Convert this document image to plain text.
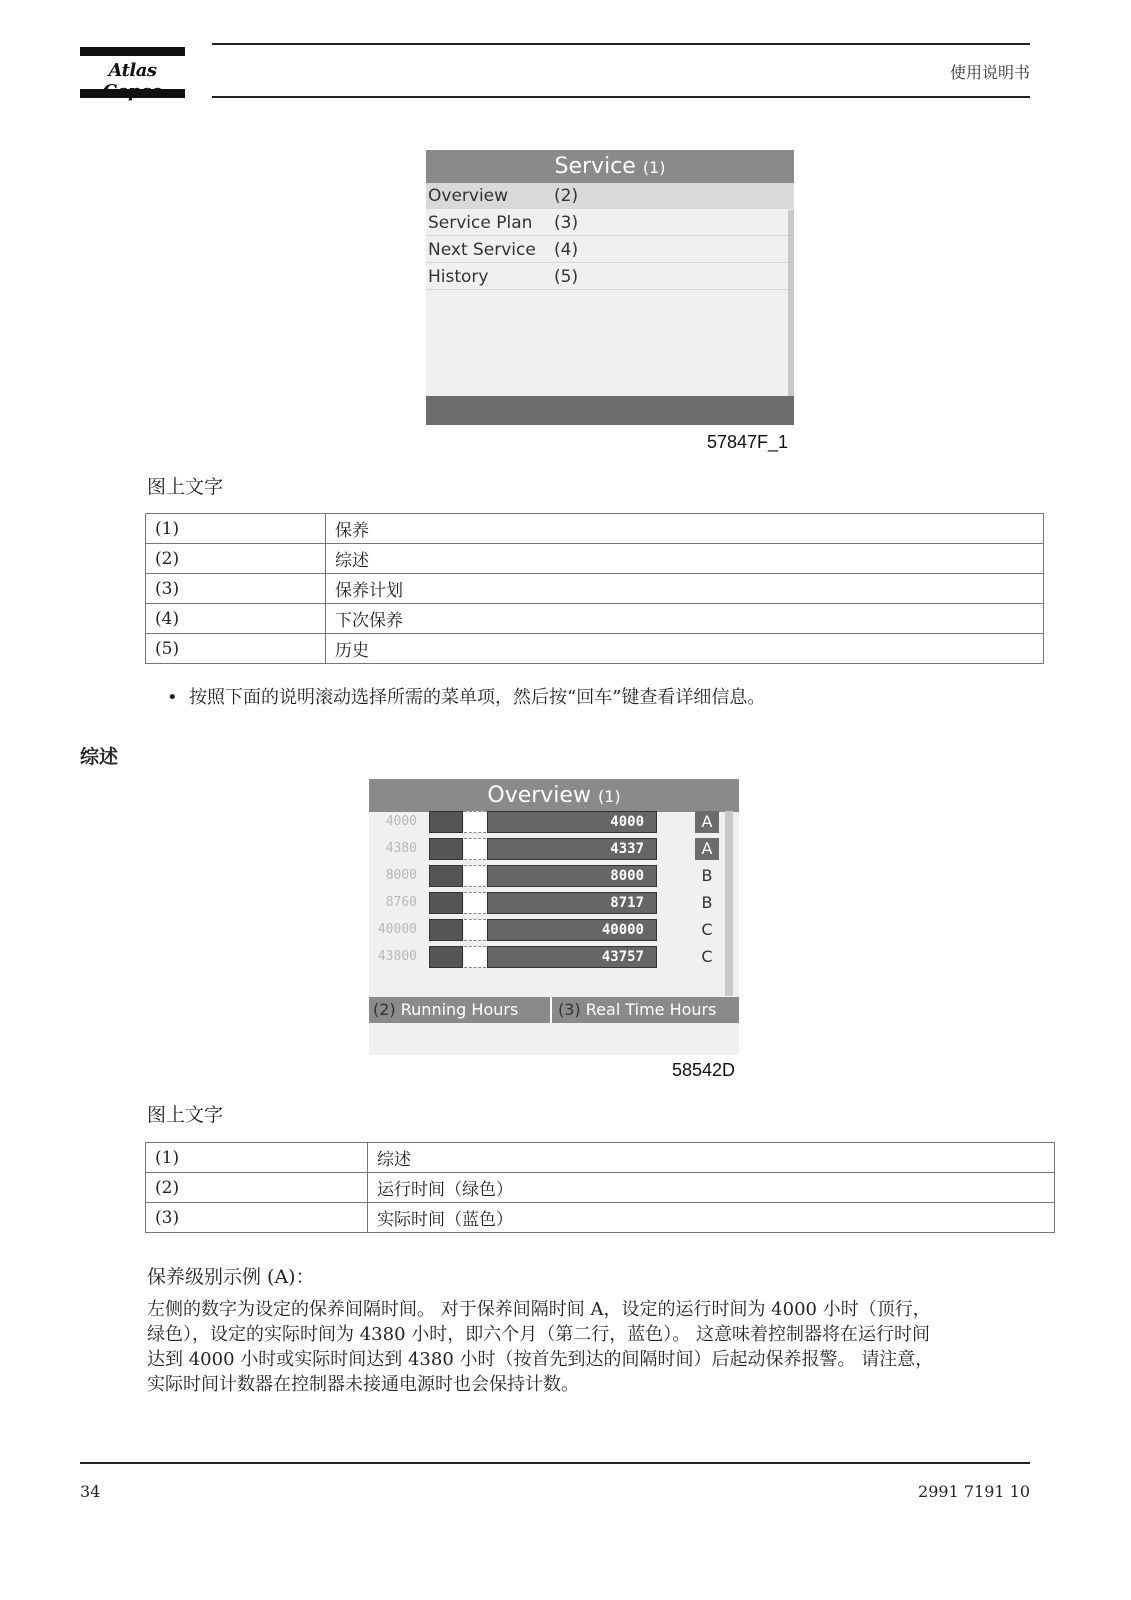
Atlas	使用说明书
Service (1)
Overview	(2)
Service Plan (3)
Next Service (4)
History	(5)
57847F_1
图上文字
(1)	保养
(2)	综述
(3)	保养计划
(4)	下次保养
(5)	历史
• 按照下面的说明滚动选择所需的菜单项，然后按“回车”键查看详细信息。
综述
Overview (1)
4000	4000	A
4380	4337	A
8000	8000	B
8760	8717	B
40000	40000	C
43800	43757	C
(2) Running Hours	(3) Real Time Hours
58542D
图上文字
(1)	综述
(2)	运行时间（绿色）
(3)	实际时间（蓝色）
保养级别示例 (A)：
左侧的数字为设定的保养间隔时间。 对于保养间隔时间 A，设定的运行时间为 4000 小时（顶行，
绿色），设定的实际时间为 4380 小时，即六个月（第二行，蓝色）。 这意味着控制器将在运行时间
达到 4000 小时或实际时间达到 4380 小时（按首先到达的间隔时间）后起动保养报警。 请注意，
实际时间计数器在控制器未接通电源时也会保持计数。
34	2991 7191 10
